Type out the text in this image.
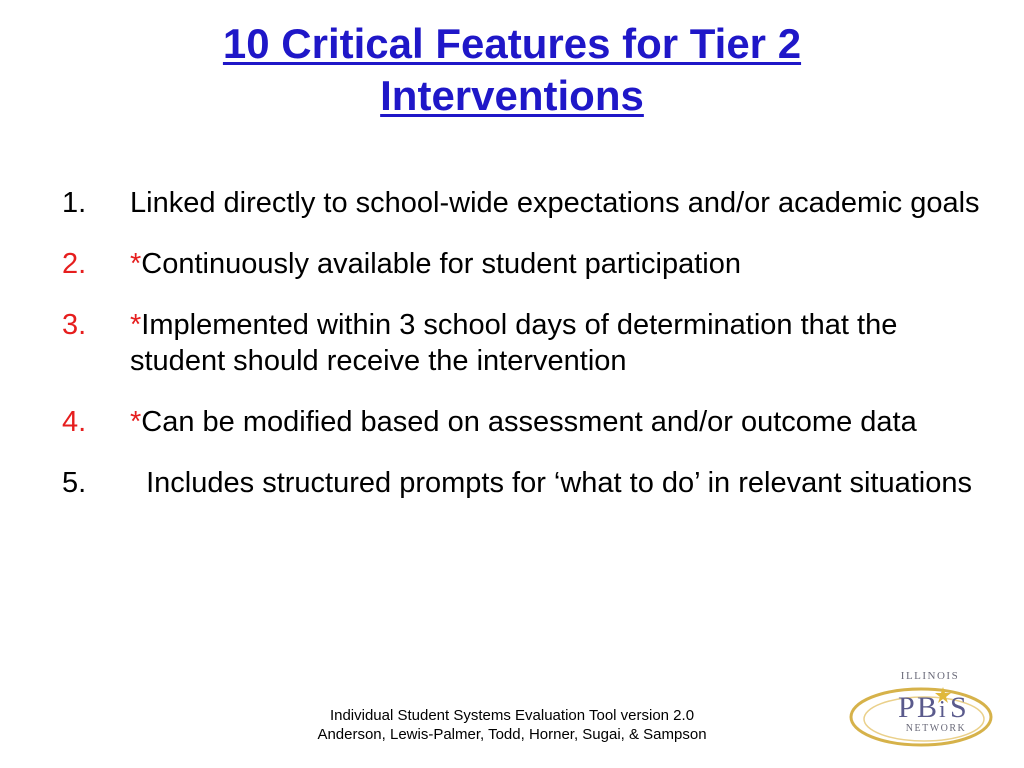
10 Critical Features for Tier 2
Interventions
1.	Linked directly to school-wide expectations and/or academic goals
2.	*Continuously available for student participation
3.	*Implemented within 3 school days of determination that the student should receive the intervention
4.	*Can be modified based on assessment and/or outcome data
5.	Includes structured prompts for ‘what to do’ in relevant situations
Individual Student Systems Evaluation Tool version 2.0
Anderson, Lewis-Palmer, Todd, Horner, Sugai, & Sampson
ILLINOIS
P B i S
NETWORK
